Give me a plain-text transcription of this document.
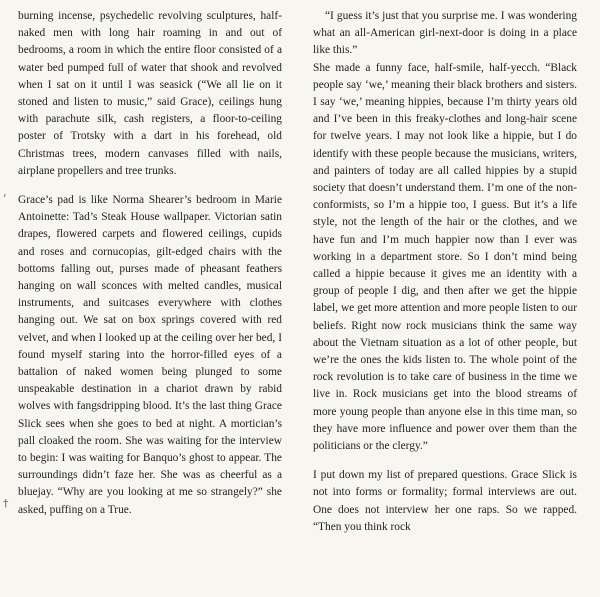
‚
†

burning incense, psychedelic revolving sculptures, half-naked men with long hair roaming in and out of bedrooms, a room in which the entire floor consisted of a water bed pumped full of water that shook and revolved when I sat on it until I was seasick (“We all lie on it stoned and listen to music,” said Grace), ceilings hung with parachute silk, cash registers, a floor-to-ceiling poster of Trotsky with a dart in his forehead, old Christmas trees, modern canvases filled with nails, airplane propellers and tree trunks.

Grace’s pad is like Norma Shearer’s bedroom in Marie Antoinette: Tad’s Steak House wallpaper. Victorian satin drapes, flowered carpets and flowered ceilings, cupids and roses and cornucopias, gilt-edged chairs with the bottoms falling out, purses made of pheasant feathers hanging on wall sconces with melted candles, musical instruments, and suitcases everywhere with clothes hanging out. We sat on box springs covered with red velvet, and when I looked up at the ceiling over her bed, I found myself staring into the horror-filled eyes of a battalion of naked women being plunged to some unspeakable destination in a chariot drawn by rabid wolves with fangsdripping blood. It’s the last thing Grace Slick sees when she goes to bed at night. A mortician’s pall cloaked the room. She was waiting for the interview to begin: I was waiting for Banquo’s ghost to appear. The surroundings didn’t faze her. She was as cheerful as a bluejay. “Why are you looking at me so strangely?” she asked, puffing on a True.

“I guess it’s just that you surprise me. I was wondering what an all-American girl-next-door is doing in a place like this.”

She made a funny face, half-smile, half-yecch. “Black people say ‘we,’ meaning their black brothers and sisters. I say ‘we,’ meaning hippies, because I’m thirty years old and I’ve been in this freaky-clothes and long-hair scene for twelve years. I may not look like a hippie, but I do identify with these people because the musicians, writers, and painters of today are all called hippies by a stupid society that doesn’t understand them. I’m one of the non-conformists, so I’m a hippie too, I guess. But it’s a life style, not the length of the hair or the clothes, and we have fun and I’m much happier now than I ever was working in a department store. So I don’t mind being called a hippie because it gives me an identity with a group of people I dig, and then after we get the hippie label, we get more attention and more people listen to our beliefs. Right now rock musicians think the same way about the Vietnam situation as a lot of other people, but we’re the ones the kids listen to. The whole point of the rock revolution is to take care of business in the time we live in. Rock musicians get into the blood streams of more young people than anyone else in this time man, so they have more influence and power over them than the politicians or the clergy.”

I put down my list of prepared questions. Grace Slick is not into forms or formality; formal interviews are out. One does not interview her one raps. So we rapped. “Then you think rock
